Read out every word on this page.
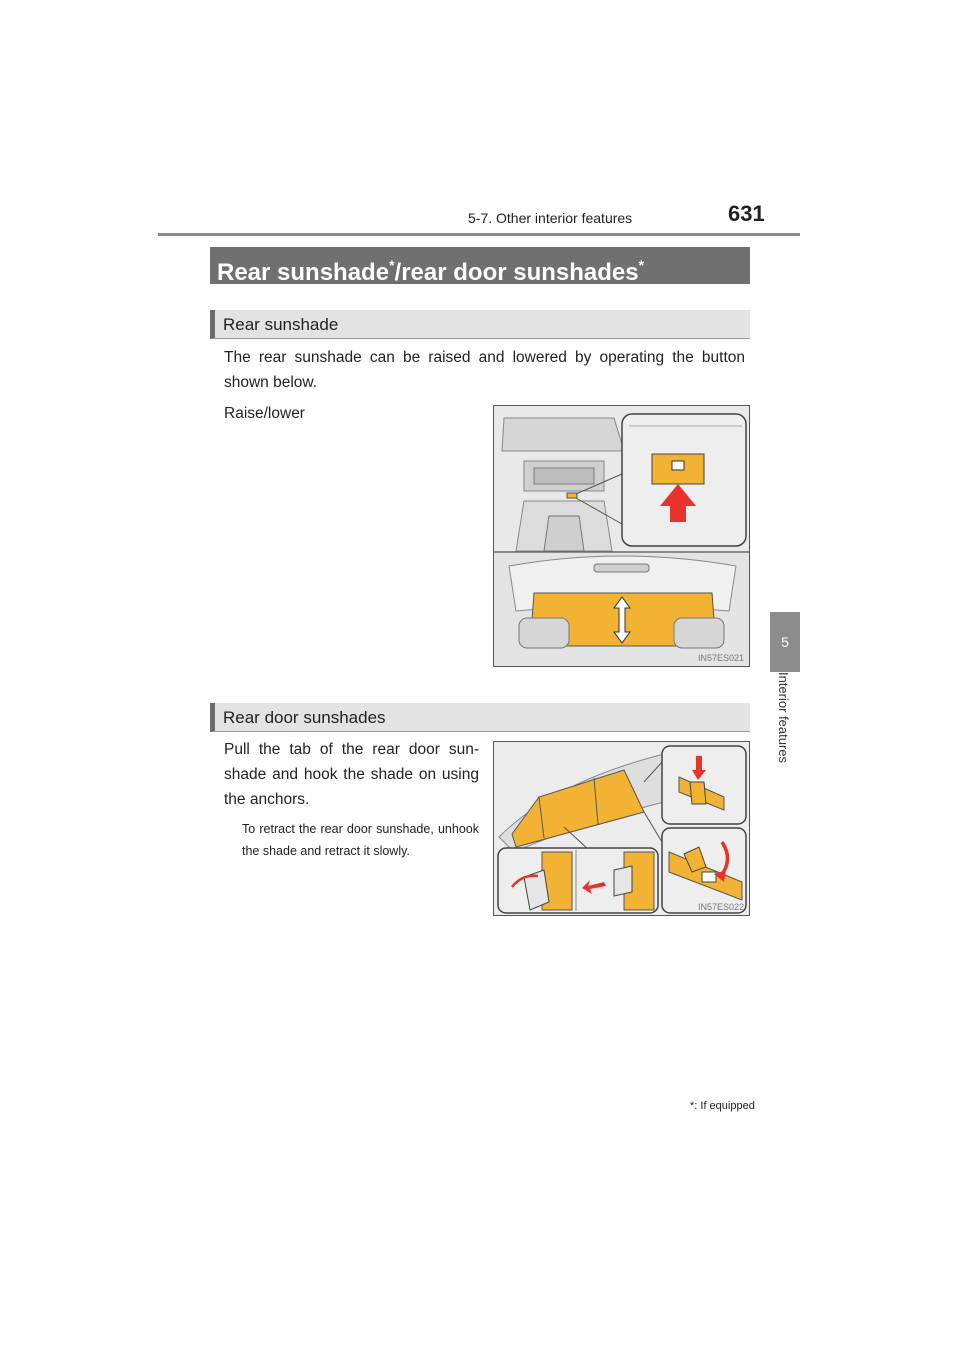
5-7. Other interior features	631
5
Interior features
Rear sunshade*/rear door sunshades*
Rear sunshade
The rear sunshade can be raised and lowered by operating the button shown below.
Raise/lower
IN57ES021
Rear door sunshades
Pull the tab of the rear door sun-shade and hook the shade on using the anchors.
To retract the rear door sunshade, unhook the shade and retract it slowly.
IN57ES022
*: If equipped
